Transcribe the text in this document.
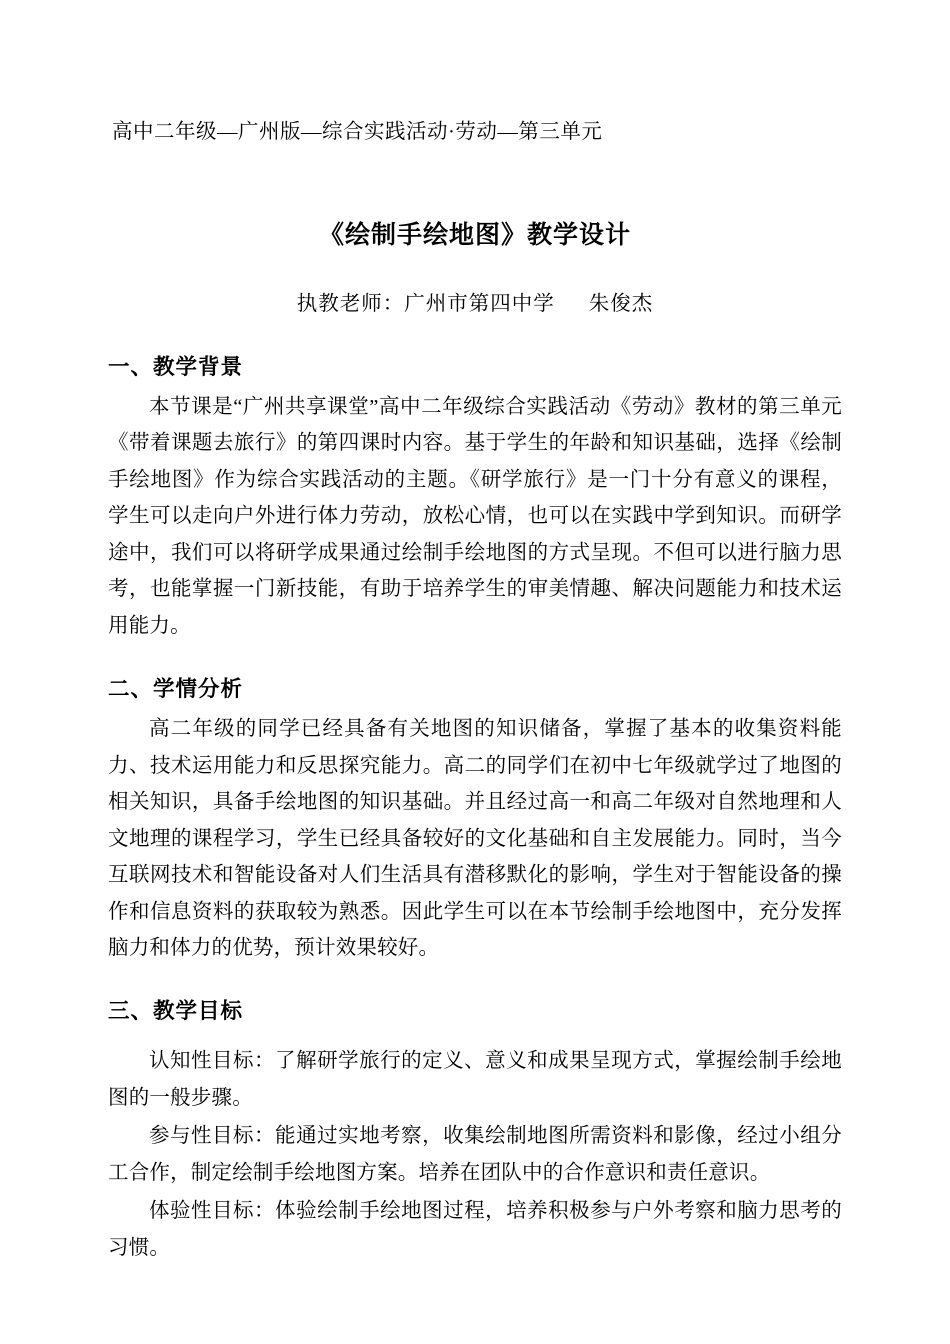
高中二年级—广州版—综合实践活动·劳动—第三单元
《绘制手绘地图》教学设计
执教老师：广州市第四中学 朱俊杰
一、教学背景

本节课是“广州共享课堂”高中二年级综合实践活动《劳动》教材的第三单元《带着课题去旅行》的第四课时内容。基于学生的年龄和知识基础，选择《绘制手绘地图》作为综合实践活动的主题。《研学旅行》是一门十分有意义的课程，学生可以走向户外进行体力劳动，放松心情，也可以在实践中学到知识。而研学途中，我们可以将研学成果通过绘制手绘地图的方式呈现。不但可以进行脑力思考，也能掌握一门新技能，有助于培养学生的审美情趣、解决问题能力和技术运用能力。

二、学情分析

高二年级的同学已经具备有关地图的知识储备，掌握了基本的收集资料能力、技术运用能力和反思探究能力。高二的同学们在初中七年级就学过了地图的相关知识，具备手绘地图的知识基础。并且经过高一和高二年级对自然地理和人文地理的课程学习，学生已经具备较好的文化基础和自主发展能力。同时，当今互联网技术和智能设备对人们生活具有潜移默化的影响，学生对于智能设备的操作和信息资料的获取较为熟悉。因此学生可以在本节绘制手绘地图中，充分发挥脑力和体力的优势，预计效果较好。

三、教学目标

认知性目标：了解研学旅行的定义、意义和成果呈现方式，掌握绘制手绘地图的一般步骤。

参与性目标：能通过实地考察，收集绘制地图所需资料和影像，经过小组分工合作，制定绘制手绘地图方案。培养在团队中的合作意识和责任意识。

体验性目标：体验绘制手绘地图过程，培养积极参与户外考察和脑力思考的习惯。
